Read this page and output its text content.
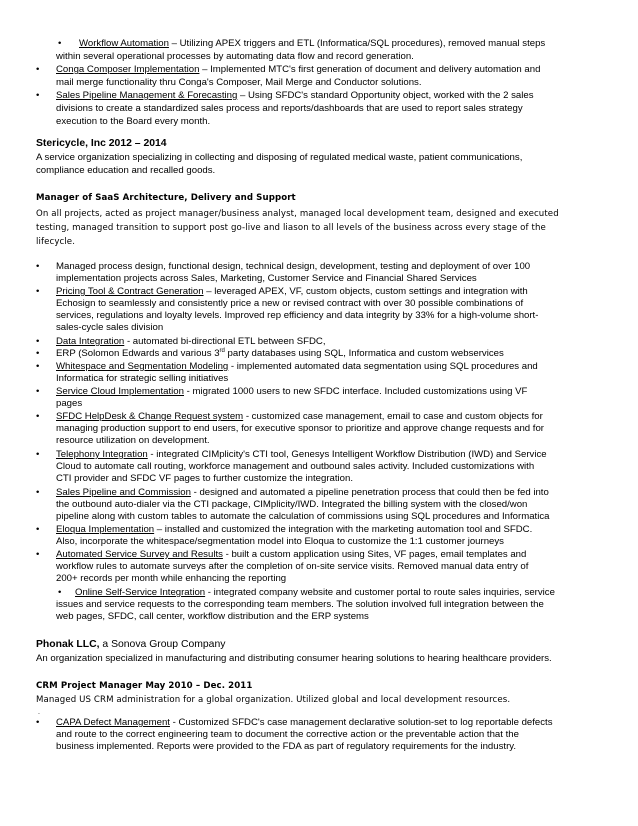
• Workflow Automation – Utilizing APEX triggers and ETL (Informatica/SQL procedures), removed manual steps
within several operational processes by automating data flow and record generation.
• Conga Composer Implementation – Implemented MTC's first generation of document and delivery automation and
mail merge functionality thru Conga's Composer, Mail Merge and Conductor solutions.
• Sales Pipeline Management & Forecasting – Using SFDC's standard Opportunity object, worked with the 2 sales
divisions to create a standardized sales process and reports/dashboards that are used to report sales strategy
execution to the Board every month.
Stericycle, Inc 2012 – 2014
A service organization specializing in collecting and disposing of regulated medical waste, patient communications,
compliance education and recalled goods.
Manager of SaaS Architecture, Delivery and Support
On all projects, acted as project manager/business analyst, managed local development team, designed and executed
testing, managed transition to support post go-live and liason to all levels of the business across every stage of the
lifecycle.
• Managed process design, functional design, technical design, development, testing and deployment of over 100
implementation projects across Sales, Marketing, Customer Service and Financial Shared Services
• Pricing Tool & Contract Generation – leveraged APEX, VF, custom objects, custom settings and integration with
Echosign to seamlessly and consistently price a new or revised contract with over 30 possible combinations of
services, regulations and loyalty levels. Improved rep efficiency and data integrity by 33% for a high-volume short-
sales-cycle sales division
• Data Integration - automated bi-directional ETL between SFDC,
• ERP (Solomon Edwards and various 3rd party databases using SQL, Informatica and custom webservices
• Whitespace and Segmentation Modeling - implemented automated data segmentation using SQL procedures and
Informatica for strategic selling initiatives
• Service Cloud Implementation - migrated 1000 users to new SFDC interface. Included customizations using VF
pages
• SFDC HelpDesk & Change Request system - customized case management, email to case and custom objects for
managing production support to end users, for executive sponsor to prioritize and approve change requests and for
resource utilization on development.
• Telephony Integration - integrated CIMplicity's CTI tool, Genesys Intelligent Workflow Distribution (IWD) and Service
Cloud to automate call routing, workforce management and outbound sales activity. Included customizations with
CTI provider and SFDC VF pages to further customize the integration.
• Sales Pipeline and Commission - designed and automated a pipeline penetration process that could then be fed into
the outbound auto-dialer via the CTI package, CIMplicity/IWD. Integrated the billing system with the closed/won
pipeline along with custom tables to automate the calculation of commissions using SQL procedures and Informatica
• Eloqua Implementation – installed and customized the integration with the marketing automation tool and SFDC.
Also, incorporate the whitespace/segmentation model into Eloqua to customize the 1:1 customer journeys
• Automated Service Survey and Results - built a custom application using Sites, VF pages, email templates and
workflow rules to automate surveys after the completion of on-site service visits. Removed manual data entry of
200+ records per month while enhancing the reporting
• Online Self-Service Integration - integrated company website and customer portal to route sales inquiries, service
issues and service requests to the corresponding team members. The solution involved full integration between the
web pages, SFDC, call center, workflow distribution and the ERP systems
Phonak LLC, a Sonova Group Company
An organization specialized in manufacturing and distributing consumer hearing solutions to hearing healthcare providers.
CRM Project Manager May 2010 – Dec. 2011
Managed US CRM administration for a global organization. Utilized global and local development resources.
.
• CAPA Defect Management - Customized SFDC's case management declarative solution-set to log reportable defects
and route to the correct engineering team to document the corrective action or the preventable action that the
business implemented. Reports were provided to the FDA as part of regulatory requirements for the industry.
